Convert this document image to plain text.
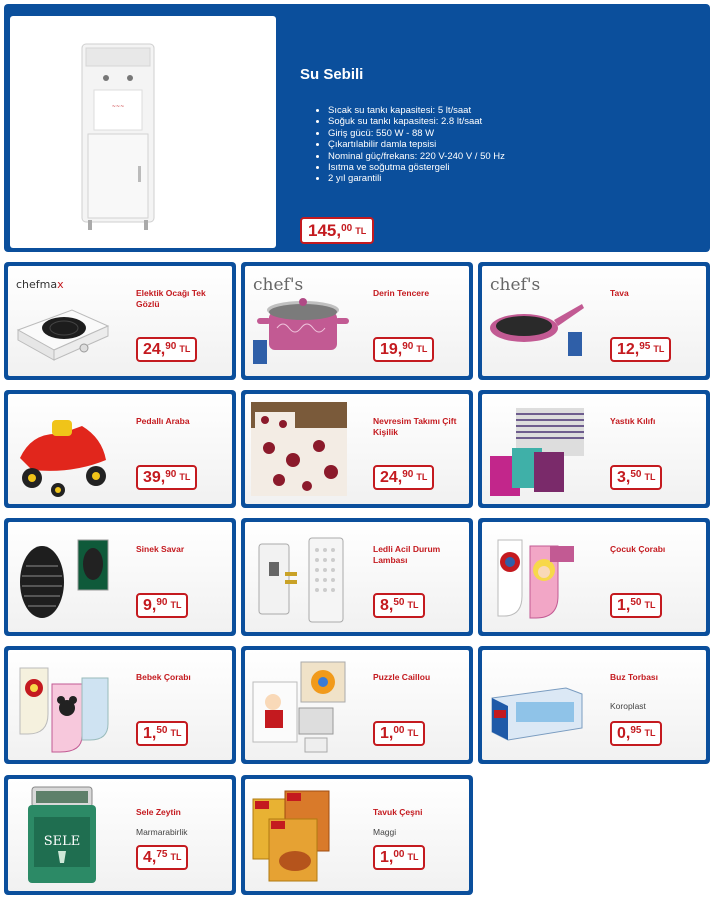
~~~
Su Sebili
• Sıcak su tankı kapasitesi: 5 lt/saat
• Soğuk su tankı kapasitesi: 2.8 lt/saat
• Giriş gücü: 550 W - 88 W
• Çıkartılabilir damla tepsisi
• Nominal güç/frekans: 220 V-240 V / 50 Hz
• Isıtma ve soğutma göstergeli
• 2 yıl garantili
145,00 TL
chefmax
Elektik Ocağı Tek Gözlü
24,90 TL
chef's	Derin Tencere
19,90 TL
chef's	Tava
12,95 TL
Pedallı Araba
39,90 TL
Nevresim Takımı Çift Kişilik
24,90 TL
Yastık Kılıfı
3,50 TL
Sinek Savar
9,90 TL
Ledli Acil Durum Lambası
8,50 TL
Çocuk Çorabı
1,50 TL
Bebek Çorabı
1,50 TL
Puzzle Caillou
1,00 TL
Buz Torbası
Koroplast
0,95 TL
SELE
Sele Zeytin
Marmarabirlik
4,75 TL
Tavuk Çeşni
Maggi
1,00 TL
